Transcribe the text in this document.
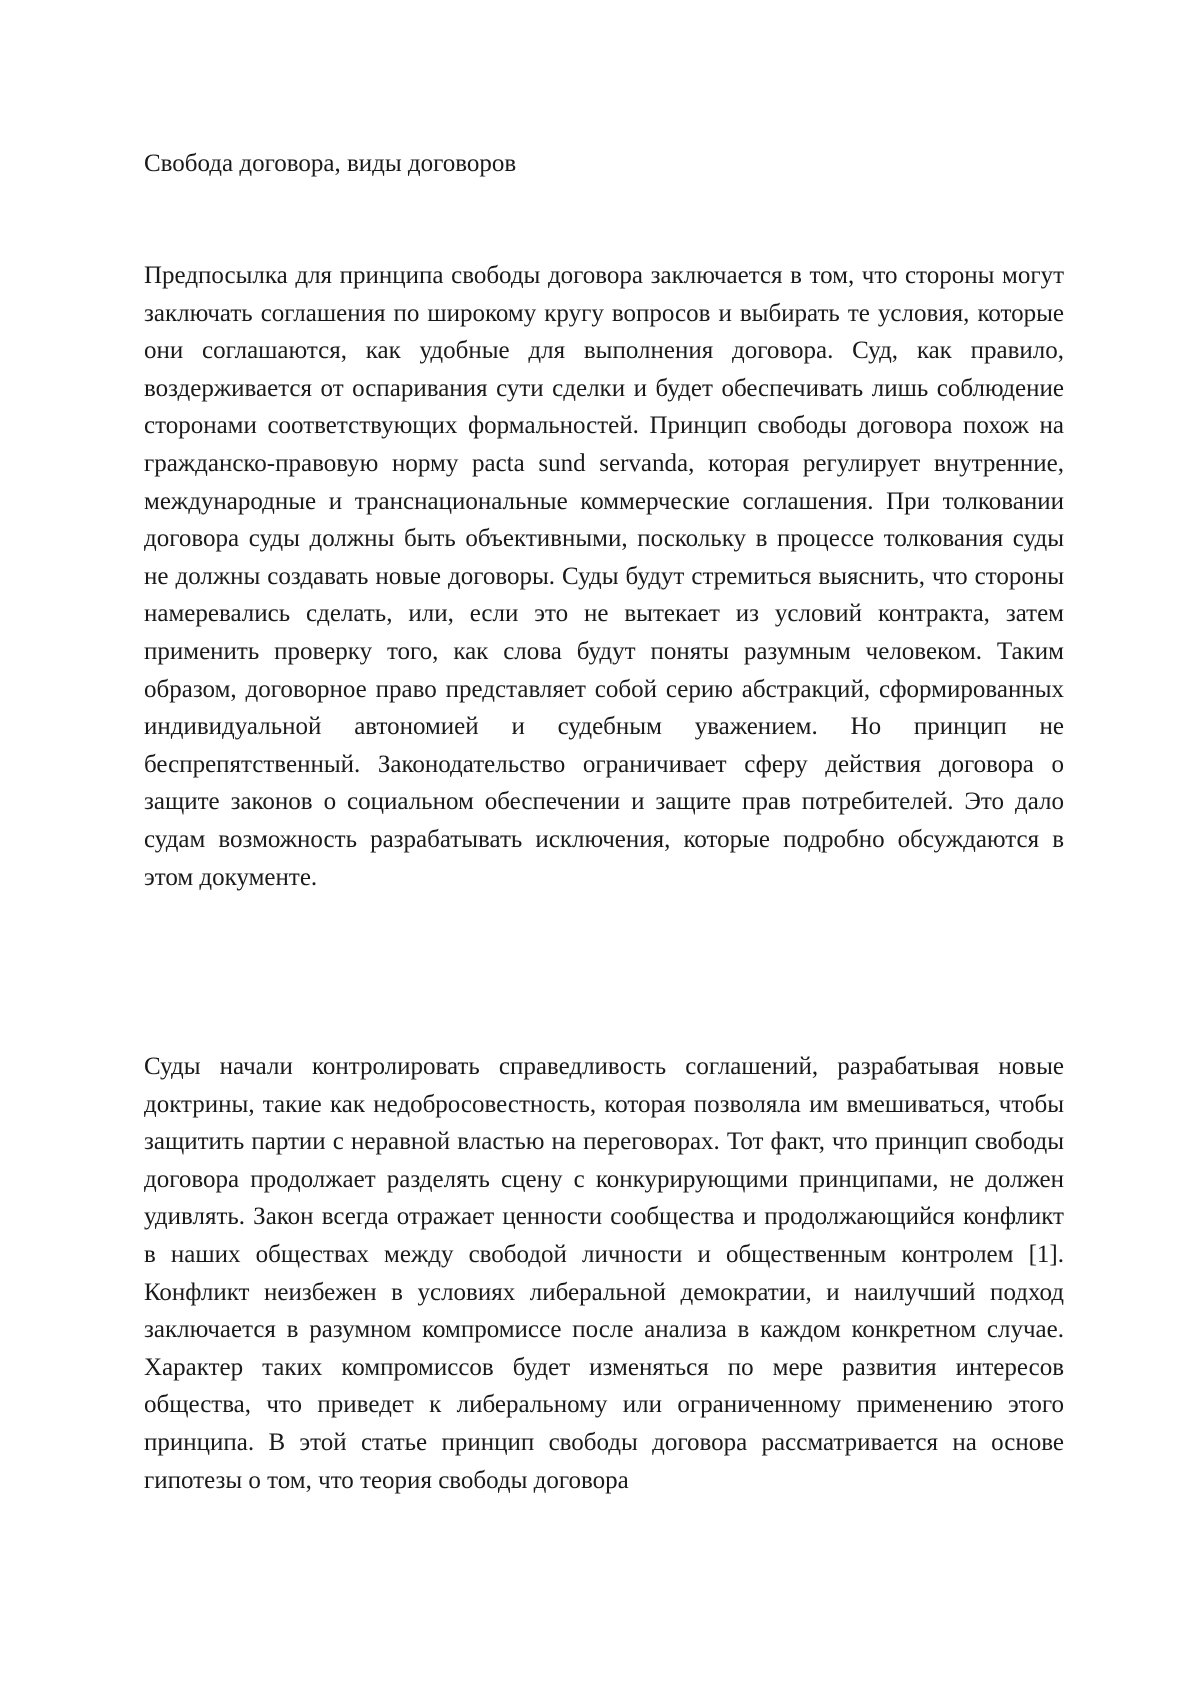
Свобода договора, виды договоров

Предпосылка для принципа свободы договора заключается в том, что стороны могут заключать соглашения по широкому кругу вопросов и выбирать те условия, которые они соглашаются, как удобные для выполнения договора. Суд, как правило, воздерживается от оспаривания сути сделки и будет обеспечивать лишь соблюдение сторонами соответствующих формальностей. Принцип свободы договора похож на гражданско-правовую норму pacta sund servanda, которая регулирует внутренние, международные и транснациональные коммерческие соглашения. При толковании договора суды должны быть объективными, поскольку в процессе толкования суды не должны создавать новые договоры. Суды будут стремиться выяснить, что стороны намеревались сделать, или, если это не вытекает из условий контракта, затем применить проверку того, как слова будут поняты разумным человеком. Таким образом, договорное право представляет собой серию абстракций, сформированных индивидуальной автономией и судебным уважением. Но принцип не беспрепятственный. Законодательство ограничивает сферу действия договора о защите законов о социальном обеспечении и защите прав потребителей. Это дало судам возможность разрабатывать исключения, которые подробно обсуждаются в этом документе.

Суды начали контролировать справедливость соглашений, разрабатывая новые доктрины, такие как недобросовестность, которая позволяла им вмешиваться, чтобы защитить партии с неравной властью на переговорах. Тот факт, что принцип свободы договора продолжает разделять сцену с конкурирующими принципами, не должен удивлять. Закон всегда отражает ценности сообщества и продолжающийся конфликт в наших обществах между свободой личности и общественным контролем [1]. Конфликт неизбежен в условиях либеральной демократии, и наилучший подход заключается в разумном компромиссе после анализа в каждом конкретном случае. Характер таких компромиссов будет изменяться по мере развития интересов общества, что приведет к либеральному или ограниченному применению этого принципа. В этой статье принцип свободы договора рассматривается на основе гипотезы о том, что теория свободы договора
